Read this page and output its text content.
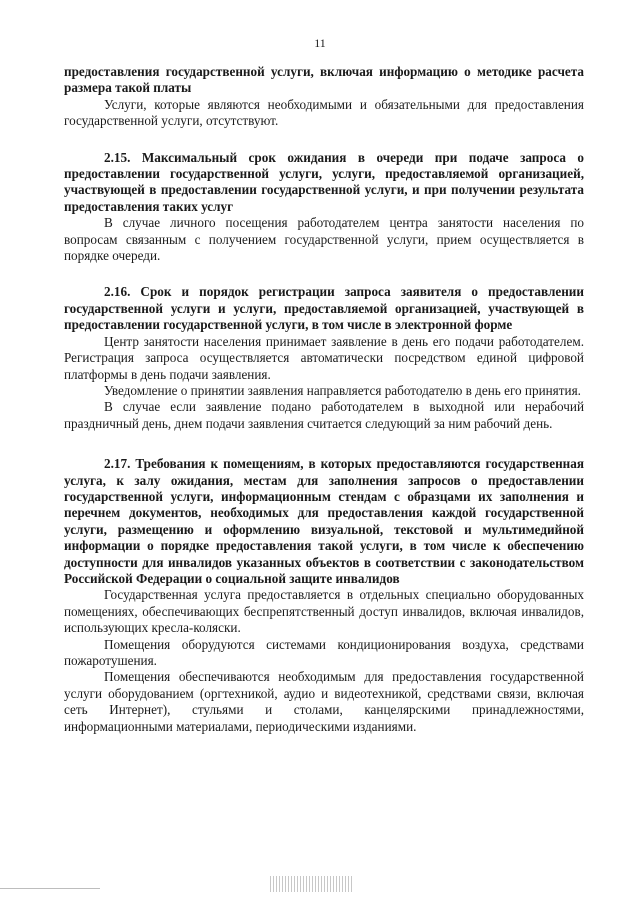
11

предоставления государственной услуги, включая информацию о методике расчета размера такой платы

Услуги, которые являются необходимыми и обязательными для предоставления государственной услуги, отсутствуют.

2.15. Максимальный срок ожидания в очереди при подаче запроса о предоставлении государственной услуги, услуги, предоставляемой организацией, участвующей в предоставлении государственной услуги, и при получении результата предоставления таких услуг

В случае личного посещения работодателем центра занятости населения по вопросам связанным с получением государственной услуги, прием осуществляется в порядке очереди.

2.16. Срок и порядок регистрации запроса заявителя о предоставлении государственной услуги и услуги, предоставляемой организацией, участвующей в предоставлении государственной услуги, в том числе в электронной форме

Центр занятости населения принимает заявление в день его подачи работодателем. Регистрация запроса осуществляется автоматически посредством единой цифровой платформы в день подачи заявления.

Уведомление о принятии заявления направляется работодателю в день его принятия.

В случае если заявление подано работодателем в выходной или нерабочий праздничный день, днем подачи заявления считается следующий за ним рабочий день.

2.17. Требования к помещениям, в которых предоставляются государственная услуга, к залу ожидания, местам для заполнения запросов о предоставлении государственной услуги, информационным стендам с образцами их заполнения и перечнем документов, необходимых для предоставления каждой государственной услуги, размещению и оформлению визуальной, текстовой и мультимедийной информации о порядке предоставления такой услуги, в том числе к обеспечению доступности для инвалидов указанных объектов в соответствии с законодательством Российской Федерации о социальной защите инвалидов

Государственная услуга предоставляется в отдельных специально оборудованных помещениях, обеспечивающих беспрепятственный доступ инвалидов, включая инвалидов, использующих кресла-коляски.

Помещения оборудуются системами кондиционирования воздуха, средствами пожаротушения.

Помещения обеспечиваются необходимым для предоставления государственной услуги оборудованием (оргтехникой, аудио и видеотехникой, средствами связи, включая сеть Интернет), стульями и столами, канцелярскими принадлежностями, информационными материалами, периодическими изданиями.
